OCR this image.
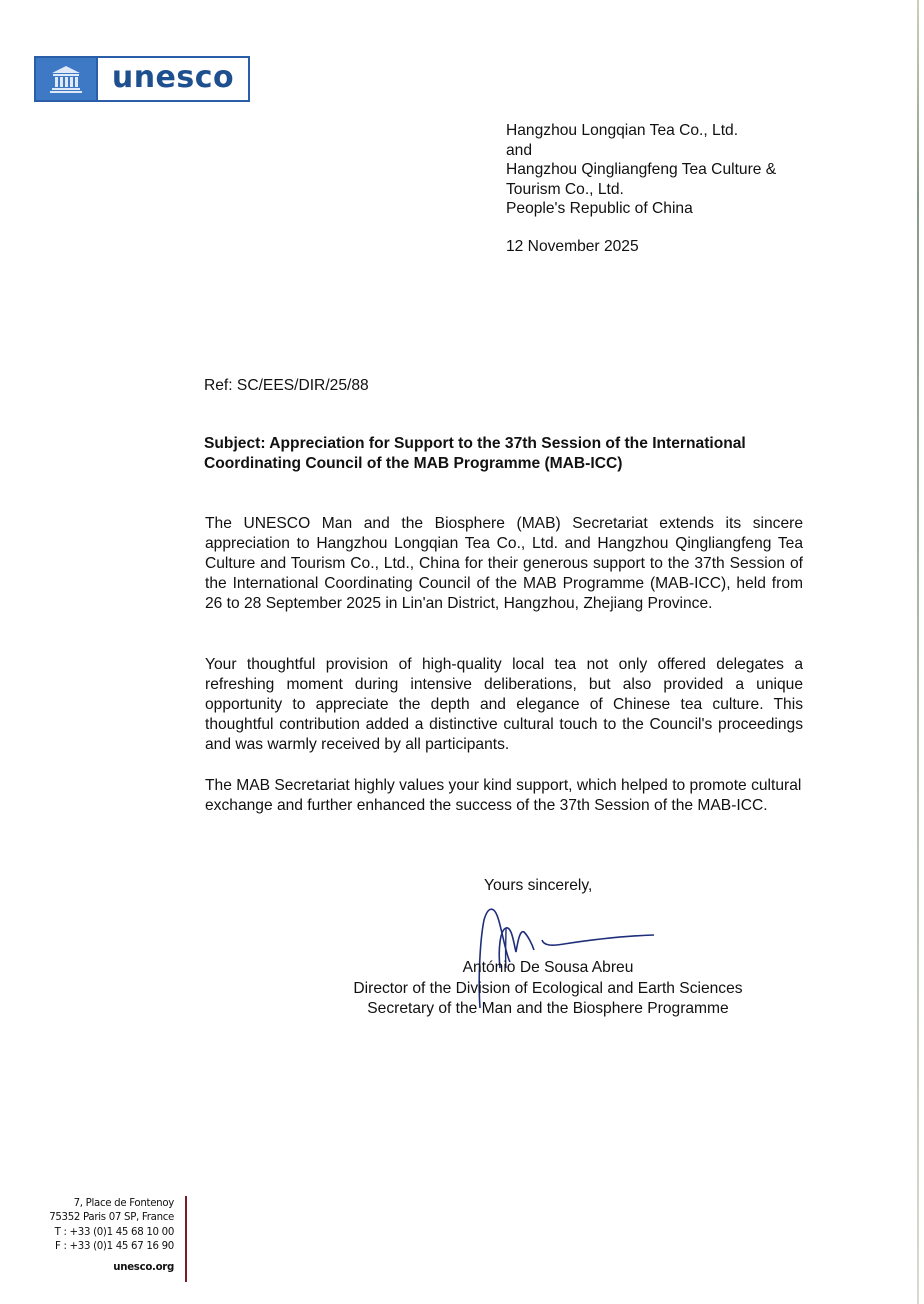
unesco
Hangzhou Longqian Tea Co., Ltd.
and
Hangzhou Qingliangfeng Tea Culture &
Tourism Co., Ltd.
People's Republic of China
12 November 2025
Ref: SC/EES/DIR/25/88
Subject: Appreciation for Support to the 37th Session of the International Coordinating Council of the MAB Programme (MAB-ICC)
The UNESCO Man and the Biosphere (MAB) Secretariat extends its sincere appreciation to Hangzhou Longqian Tea Co., Ltd. and Hangzhou Qingliangfeng Tea Culture and Tourism Co., Ltd., China for their generous support to the 37th Session of the International Coordinating Council of the MAB Programme (MAB-ICC), held from 26 to 28 September 2025 in Lin'an District, Hangzhou, Zhejiang Province.
Your thoughtful provision of high-quality local tea not only offered delegates a refreshing moment during intensive deliberations, but also provided a unique opportunity to appreciate the depth and elegance of Chinese tea culture. This thoughtful contribution added a distinctive cultural touch to the Council's proceedings and was warmly received by all participants.
The MAB Secretariat highly values your kind support, which helped to promote cultural exchange and further enhanced the success of the 37th Session of the MAB-ICC.
Yours sincerely,
António De Sousa Abreu
Director of the Division of Ecological and Earth Sciences
Secretary of the Man and the Biosphere Programme
7, Place de Fontenoy
75352 Paris 07 SP, France
T : +33 (0)1 45 68 10 00
F : +33 (0)1 45 67 16 90
unesco.org
